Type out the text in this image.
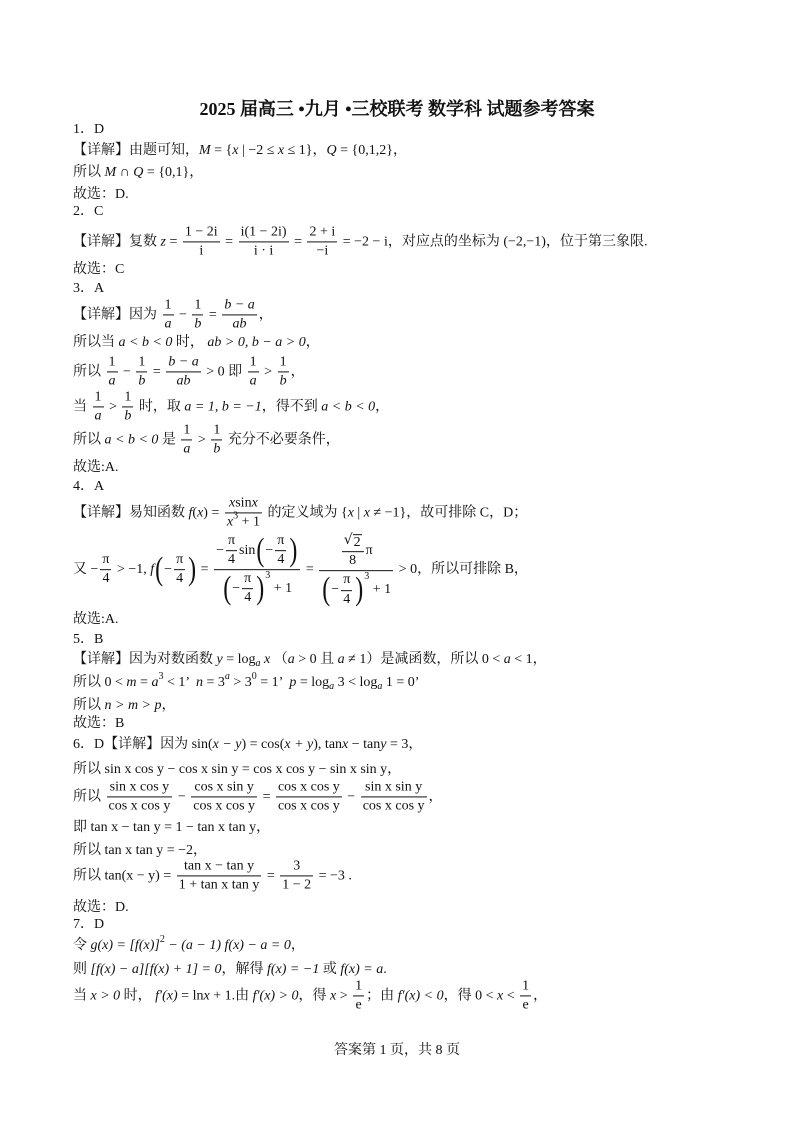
2025 届高三 •九月 •三校联考 数学科 试题参考答案
1．D
【详解】由题可知， M = { x | −2 ≤ x ≤ 1}， Q = {0,1,2}，
所以 M ∩ Q = {0,1}，
故选：D.
2．C
【详解】复数 $z = \frac{1 - 2i}{i} = \frac{i(1 - 2i)}{i \cdot i} = \frac{2 + i}{-i} = -2 - i$，对应点的坐标为 (−2,−1)，位于第三象限.
故选：C
3．A
【详解】因为 $\frac{1}{a} - \frac{1}{b} = \frac{b - a}{ab}$ ，
所以当 a < b < 0 时， ab > 0, b − a > 0 ，
所以 $\frac{1}{a} - \frac{1}{b} = \frac{b - a}{ab} > 0$ 即 $\frac{1}{a} > \frac{1}{b}$ ，
当 $\frac{1}{a} > \frac{1}{b}$ 时，取 a = 1, b = −1 ，得不到 a < b < 0 ，
所以 a < b < 0 是 $\frac{1}{a} > \frac{1}{b}$ 充分不必要条件，
故选:A.
4．A
【详解】易知函数 f ( x ) = $\frac{\text{x sin x}}{x 3 + 1}$ 的定义域为 { x | x ≠ −1}，故可排除 C，D；
又 − $\frac{\pi}{4} > -1$, f ( − $\frac{\pi}{4}$ ) = − $\frac{\pi}{4}$ sin ( − $\frac{\pi}{4}$ )
( − $\frac{\pi}{4}$ ) 3
+ $1 = \frac{√ 2}{8}$ π
( − $\frac{\pi}{4}$ ) 3
+ 1 > 0，所以可排除 B，
故选:A.
5．B
【详解】因为对数函数 y = log a
x （ a > 0 且 a ≠ 1）是减函数，所以 0 < a < 1，
所以 0 < m = a 3 < 1’ n = 3 a > 3 0 = 1’ p = log a 3 < log a 1 = 0’
所以 n > m > p ，
故选：B
6．D【详解】因为 sin( x − y ) = cos( x + y ), tan x − tan y = 3，
所以 sin x cos y − cos x sin y = cos x cos y − sin x sin y，
所以 $\frac{\text{sin x cos y}}{\text{cos x cos y}} - \frac{\text{cos x sin y}}{\text{cos x cos y}} = \frac{\text{cos x cos y}}{\text{cos x cos y}} - \frac{\text{sin x sin y}}{\text{cos x cos y}}$ ，
即 tan x − tan y = 1 − tan x tan y，
所以 tan x tan y = −2，
所以 $\tan(x - y) = \frac{\text{tan x − tan y}}{\text{1 + tan x tan y}} = \frac{3}{1 - 2} = -3$ .
故选：D.
7．D
令 g(x) = [f(x)] 2 − (a − 1) f(x) − a = 0 ，
则 [f(x) − a][f(x) + 1] = 0 ，解得 f(x) = −1 或 f(x) = a .
当 x > 0 时， f′(x) = ln x + 1.由 f′(x) > 0 ，得 $x > \frac{1}{e}$ ；由 f′(x) < 0 ，得 $0 < x < \frac{1}{e}$ ，
答案第 1 页，共 8 页
